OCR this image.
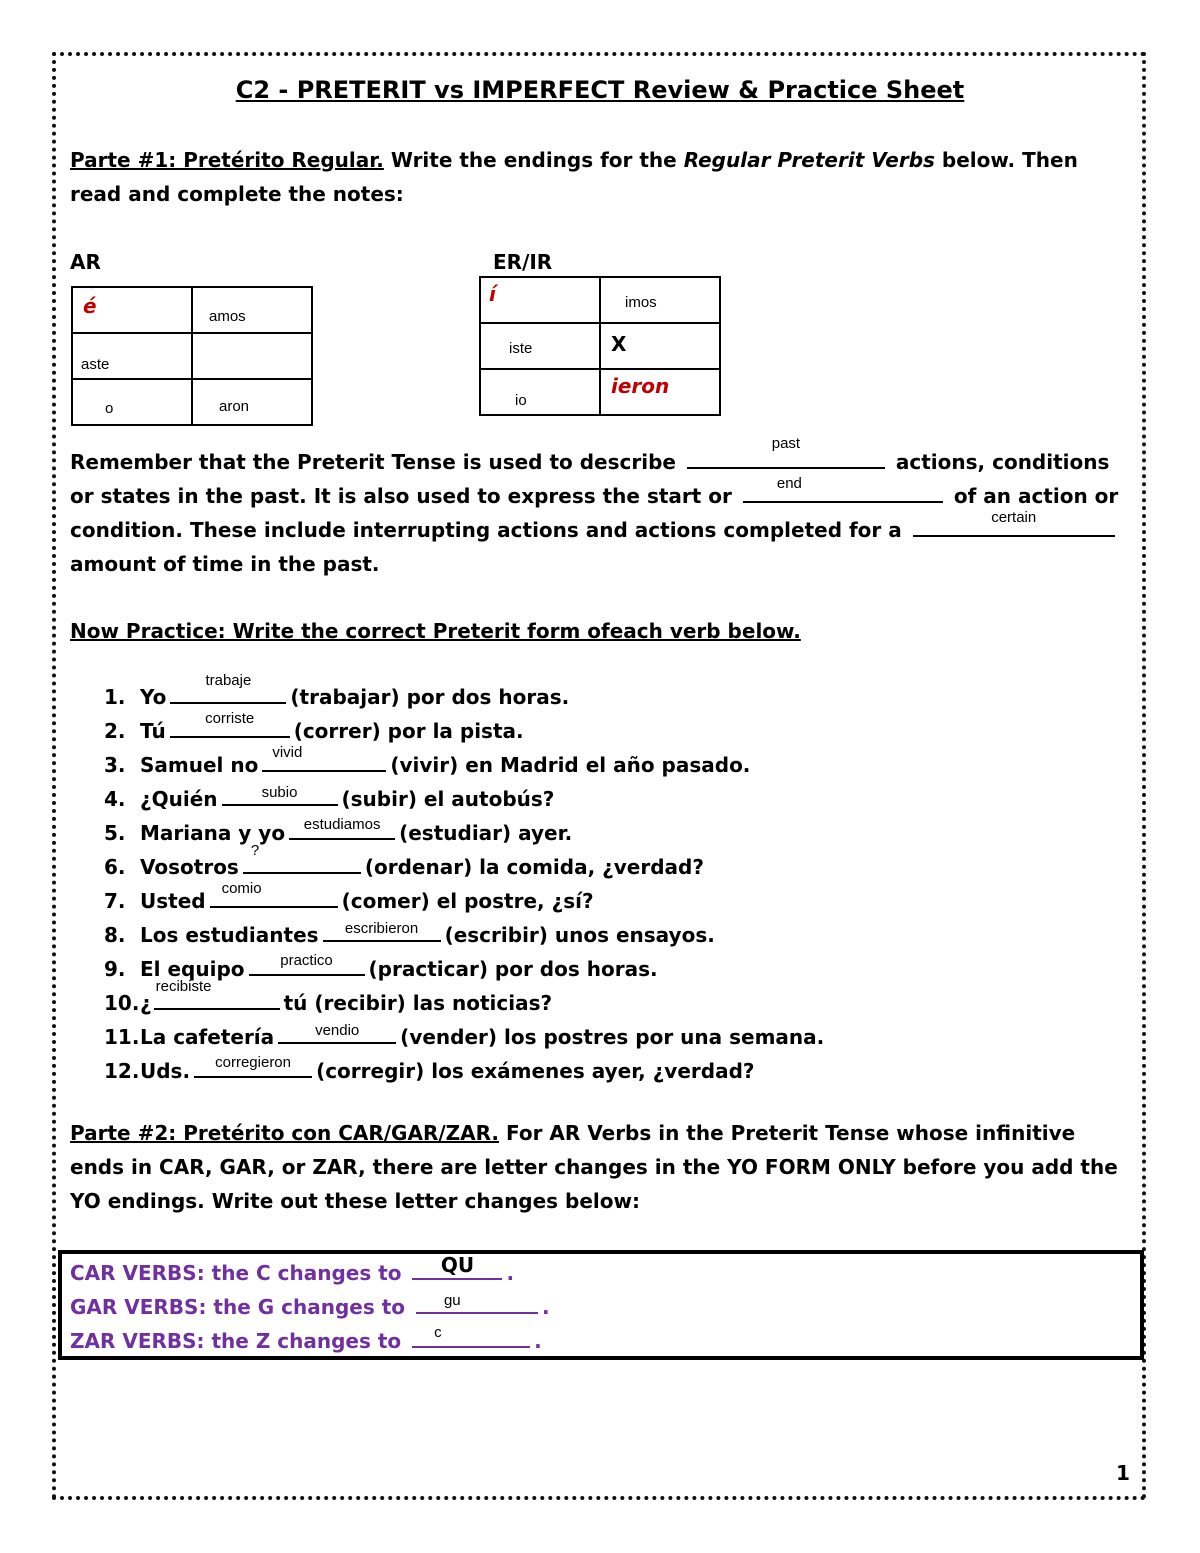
C2 - PRETERIT vs IMPERFECT Review & Practice Sheet
Parte #1: Pretérito Regular. Write the endings for the Regular Preterit Verbs below. Then
read and complete the notes:
AR	ER/IR
é	amos

aste	

o	aron
í	imos

iste	X

io	ieron
Remember that the Preterit Tense is used to describe
past
actions, conditions
or states in the past. It is also used to express the start or
end
of an action or
condition. These include interrupting actions and actions completed for a
certain
amount of time in the past.
Now Practice: Write the correct Preterit form ofeach verb below.
1. Yo
trabaje
(trabajar) por dos horas.
2. Tú
corriste
(correr) por la pista.
3. Samuel no
vivid
(vivir) en Madrid el año pasado.
4. ¿Quién	subio (subir) el autobús?
5. Mariana y yo estudiamos (estudiar) ayer.
6. Vosotros
?
(ordenar) la comida, ¿verdad?
7. Usted
comio
(comer) el postre, ¿sí?
8. Los estudiantes escribieron (escribir) unos ensayos.
9. El equipo practico (practicar) por dos horas.
10.¿
recibiste
tú (recibir) las noticias?
11.La cafetería	vendio (vender) los postres por una semana.
12.Uds. corregieron (corregir) los exámenes ayer, ¿verdad?
Parte #2: Pretérito con CAR/GAR/ZAR. For AR Verbs in the Preterit Tense whose infinitive
ends in CAR, GAR, or ZAR, there are letter changes in the YO FORM ONLY before you add the
YO endings. Write out these letter changes below:
CAR VERBS: the C changes to QU .
GAR VERBS: the G changes to	gu	.
ZAR VERBS: the Z changes to c	.
1
